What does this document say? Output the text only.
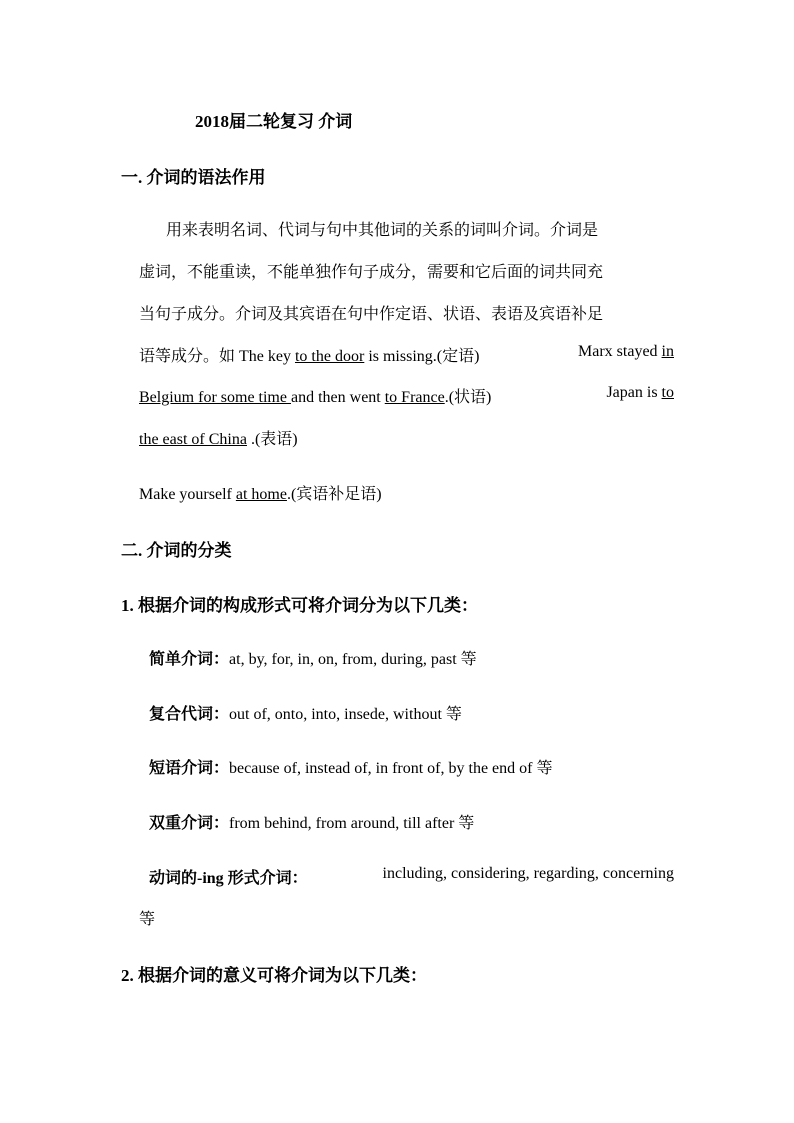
2018届二轮复习 介词
一. 介词的语法作用
用来表明名词、代词与句中其他词的关系的词叫介词。介词是
虚词，不能重读，不能单独作句子成分，需要和它后面的词共同充
当句子成分。介词及其宾语在句中作定语、状语、表语及宾语补足
语等成分。如 The key to the door is missing.(定语)	Marx stayed in
Belgium for some time and then went to France.(状语)	Japan is to
the east of China .(表语)
Make yourself at home.(宾语补足语)
二. 介词的分类
1. 根据介词的构成形式可将介词分为以下几类：
简单介词：at, by, for, in, on, from, during, past 等
复合代词：out of, onto, into, insede, without 等
短语介词：because of, instead of, in front of, by the end of 等
双重介词：from behind, from around, till after 等
动词的-ing 形式介词：	including, considering, regarding, concerning
等
2. 根据介词的意义可将介词为以下几类：
